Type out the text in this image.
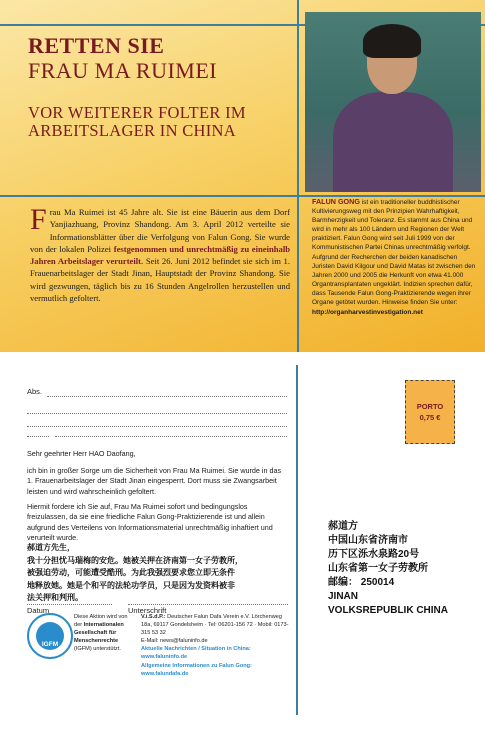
RETTEN SIE
FRAU MA RUIMEI
VOR WEITERER FOLTER IM ARBEITSLAGER IN CHINA
Frau Ma Ruimei ist 45 Jahre alt. Sie ist eine Bäuerin aus dem Dorf Yanjiazhuang, Provinz Shandong. Am 3. April 2012 verteilte sie Informationsblätter über die Verfolgung von Falun Gong. Sie wurde von der lokalen Polizei festgenommen und unrechtmäßig zu eineinhalb Jahren Arbeitslager verurteilt. Seit 26. Juni 2012 befindet sie sich im 1. Frauenarbeitslager der Stadt Jinan, Hauptstadt der Provinz Shandong. Sie wird gezwungen, täglich bis zu 16 Stunden Angelrollen herzustellen und vermutlich gefoltert.
FALUN GONG ist ein traditioneller buddhistischer Kultivierungsweg mit den Prinzipien Wahrhaftigkeit, Barmherzigkeit und Toleranz. Es stammt aus China und wird in mehr als 100 Ländern und Regionen der Welt praktiziert. Falun Gong wird seit Juli 1999 von der Kommunistischen Partei Chinas unrechtmäßig verfolgt. Aufgrund der Recherchen der beiden kanadischen Juristen David Kilgour und David Matas ist zwischen den Jahren 2000 und 2005 die Herkunft von etwa 41.000 Organtransplantaten ungeklärt. Indizien sprechen dafür, dass Tausende Falun Gong-Praktizierende wegen ihrer Organe getötet wurden. Hinweise finden Sie unter:
http://organharvestinvestigation.net
Abs.
Sehr geehrter Herr HAO Daofang,
ich bin in großer Sorge um die Sicherheit von Frau Ma Ruimei. Sie wurde in das 1. Frauenarbeitslager der Stadt Jinan eingesperrt. Dort muss sie Zwangsarbeit leisten und wird wahrscheinlich gefoltert.
Hiermit fordere ich Sie auf, Frau Ma Ruimei sofort und bedingungslos freizulassen, da sie eine friedliche Falun Gong-Praktizierende ist und allein aufgrund des Verteilens von Informationsmaterial unrechtmäßig inhaftiert und verurteilt wurde.
郝道方先生，
我十分担忧马瑞梅的安危。她被关押在济南第一女子劳教所，
被强迫劳动，可能遭受酷刑。为此我强烈要求您立即无条件
地释放她。她是个和平的法轮功学员，只是因为发资料被非
法关押和判刑。
Datum	Unterschrift
IGFM
Diese Aktion wird von der Internationalen Gesellschaft für Menschenrechte (IGFM) unterstützt.
V.i.S.d.P.: Deutscher Falun Dafa Verein e.V. Lörchenweg 18a, 69117 Gondelsheim · Tel: 06201-156 72 · Mobil: 0173-315 53 32
E-Mail: news@faluninfo.de
Aktuelle Nachrichten / Situation in China: www.faluninfo.de
Allgemeine Informationen zu Falun Gong: www.falundafa.de
PORTO
0,75 €
郝道方
中国山东省济南市
历下区泺水泉路20号
山东省第一女子劳教所
邮编： 250014
JINAN
VOLKSREPUBLIK CHINA
